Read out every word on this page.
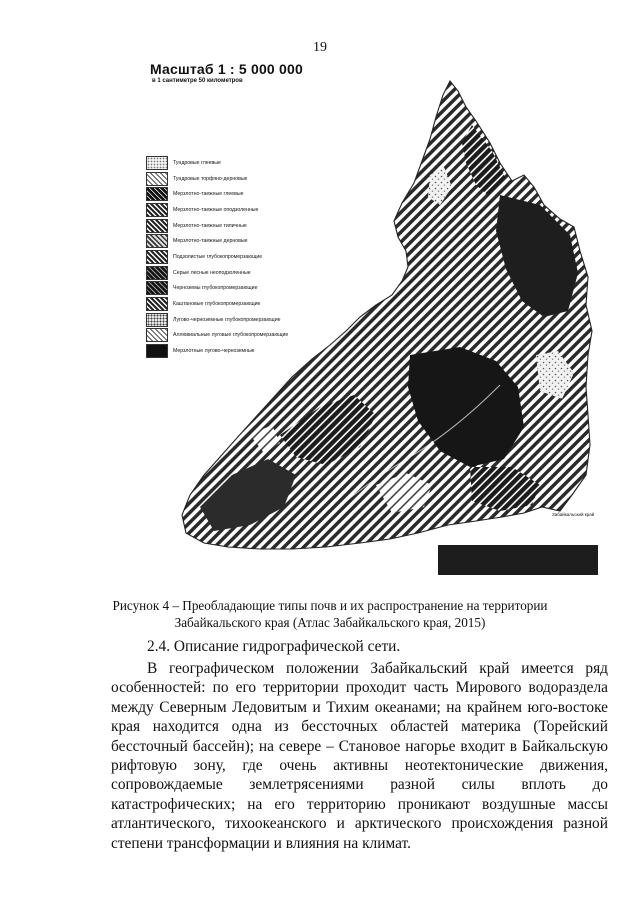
19
Масштаб 1 : 5 000 000
в 1 сантиметре 50 километров
Тундровые глеевые
Тундровые торфяно-дерновые
Мерзлотно-таежные глеевые
Мерзлотно-таежные оподзоленные
Мерзлотно-таежные типичные
Мерзлотно-таежные дерновые
Подзолистые глубокопромерзающие
Серые лесные неоподзоленные
Черноземы глубокопромерзающие
Каштановые глубокопромерзающие
Лугово-черноземные глубокопромерзающие
Аллювиальные луговые глубокопромерзающие
Мерзлотные лугово-черноземные
Забайкальский край
Рисунок 4 – Преобладающие типы почв и их распространение на территории
Забайкальского края (Атлас Забайкальского края, 2015)
2.4. Описание гидрографической сети.
В географическом положении Забайкальский край имеется ряд особенностей: по его территории проходит часть Мирового водораздела между Северным Ледовитым и Тихим океанами; на крайнем юго-востоке края находится одна из бессточных областей материка (Торейский бессточный бассейн); на севере – Становое нагорье входит в Байкальскую рифтовую зону, где очень активны неотектонические движения, сопровождаемые землетрясениями разной силы вплоть до катастрофических; на его территорию проникают воздушные массы атлантического, тихоокеанского и арктического происхождения разной степени трансформации и влияния на климат.
